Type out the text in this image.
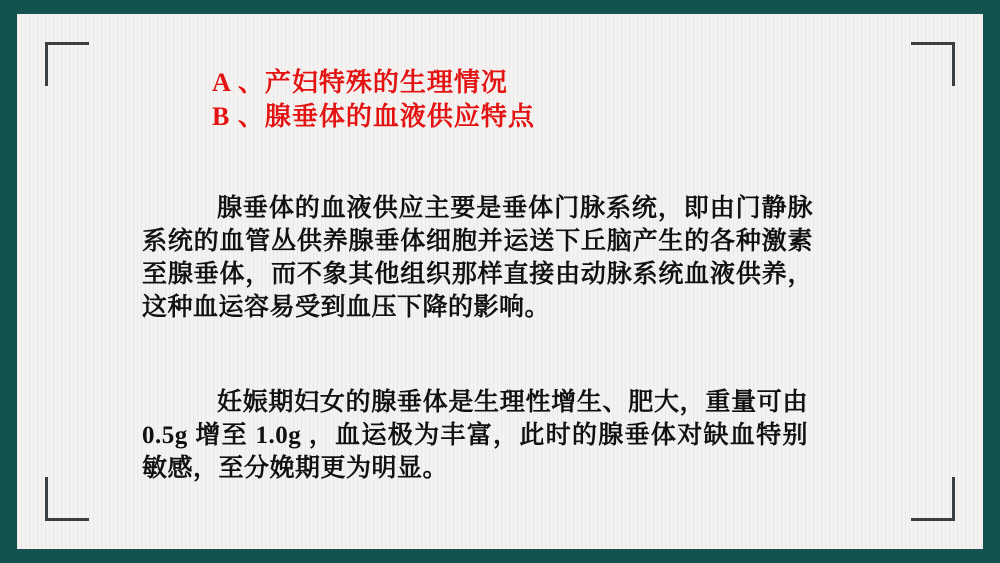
A 、产妇特殊的生理情况
B 、腺垂体的血液供应特点

腺垂体的血液供应主要是垂体门脉系统，即由门静脉系统的血管丛供养腺垂体细胞并运送下丘脑产生的各种激素至腺垂体，而不象其他组织那样直接由动脉系统血液供养，这种血运容易受到血压下降的影响。

妊娠期妇女的腺垂体是生理性增生、肥大，重量可由 0.5g 增至 1.0g ，血运极为丰富，此时的腺垂体对缺血特别敏感，至分娩期更为明显。
